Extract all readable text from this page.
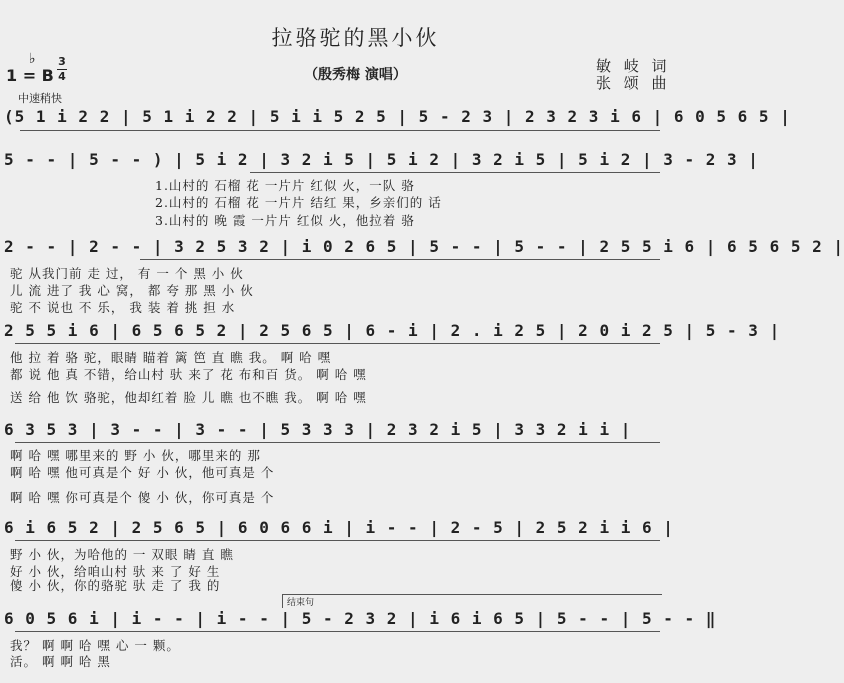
拉骆驼的黑小伙
（殷秀梅 演唱）	敏 岐 词
张 颂 曲
♭
1 = B
3
4
中速稍快
(5 1 i 2 2 | 5 1 i 2 2 | 5 i i 5 2 5 | 5 - 2 3 | 2 3 2 3 i 6 | 6 0 5 6 5 |
5 - - | 5 - - ) | 5 i 2 | 3 2 i 5 | 5 i 2 | 3 2 i 5 | 5 i 2 | 3 - 2 3 |
1.山村的 石榴 花 一片片 红似 火，一队 骆
2.山村的 石榴 花 一片片 结红 果，乡亲们的 话
3.山村的 晚 霞 一片片 红似 火，他拉着 骆
2 - - | 2 - - | 3 2 5 3 2 | i 0 2 6 5 | 5 - - | 5 - - | 2 5 5 i 6 | 6 5 6 5 2 |
驼 从我门前 走 过， 有 一 个 黑 小 伙
儿 流 进了 我 心 窝， 都 夸 那 黑 小 伙
驼 不 说也 不 乐， 我 装 着 挑 担 水
2 5 5 i 6 | 6 5 6 5 2 | 2 5 6 5 | 6 - i | 2 . i 2 5 | 2 0 i 2 5 | 5 - 3 |
他 拉 着 骆 驼，眼睛 瞄着 篱 笆 直 瞧 我。 啊 哈 嘿
都 说 他 真 不错，给山村 驮 来了 花 布和百 货。 啊 哈 嘿
送 给 他 饮 骆驼，他却红着 脸 儿 瞧 也不瞧 我。 啊 哈 嘿
6 3 5 3 | 3 - - | 3 - - | 5 3 3 3 | 2 3 2 i 5 | 3 3 2 i i |
啊 哈 嘿 哪里来的 野 小 伙，哪里来的 那
啊 哈 嘿 他可真是个 好 小 伙，他可真是 个
啊 哈 嘿 你可真是个 傻 小 伙，你可真是 个
6 i 6 5 2 | 2 5 6 5 | 6 0 6 6 i | i - - | 2 - 5 | 2 5 2 i i 6 |
野 小 伙，为哈他的 一 双眼 睛 直 瞧
好 小 伙，给咱山村 驮 来 了 好 生
傻 小 伙，你的骆驼 驮 走 了 我 的
结束句
6 0 5 6 i | i - - | i - - | 5 - 2 3 2 | i 6 i 6 5 | 5 - - | 5 - - ‖
我？ 啊 啊 哈 嘿 心 一 颗。
活。 啊 啊 哈 黑
